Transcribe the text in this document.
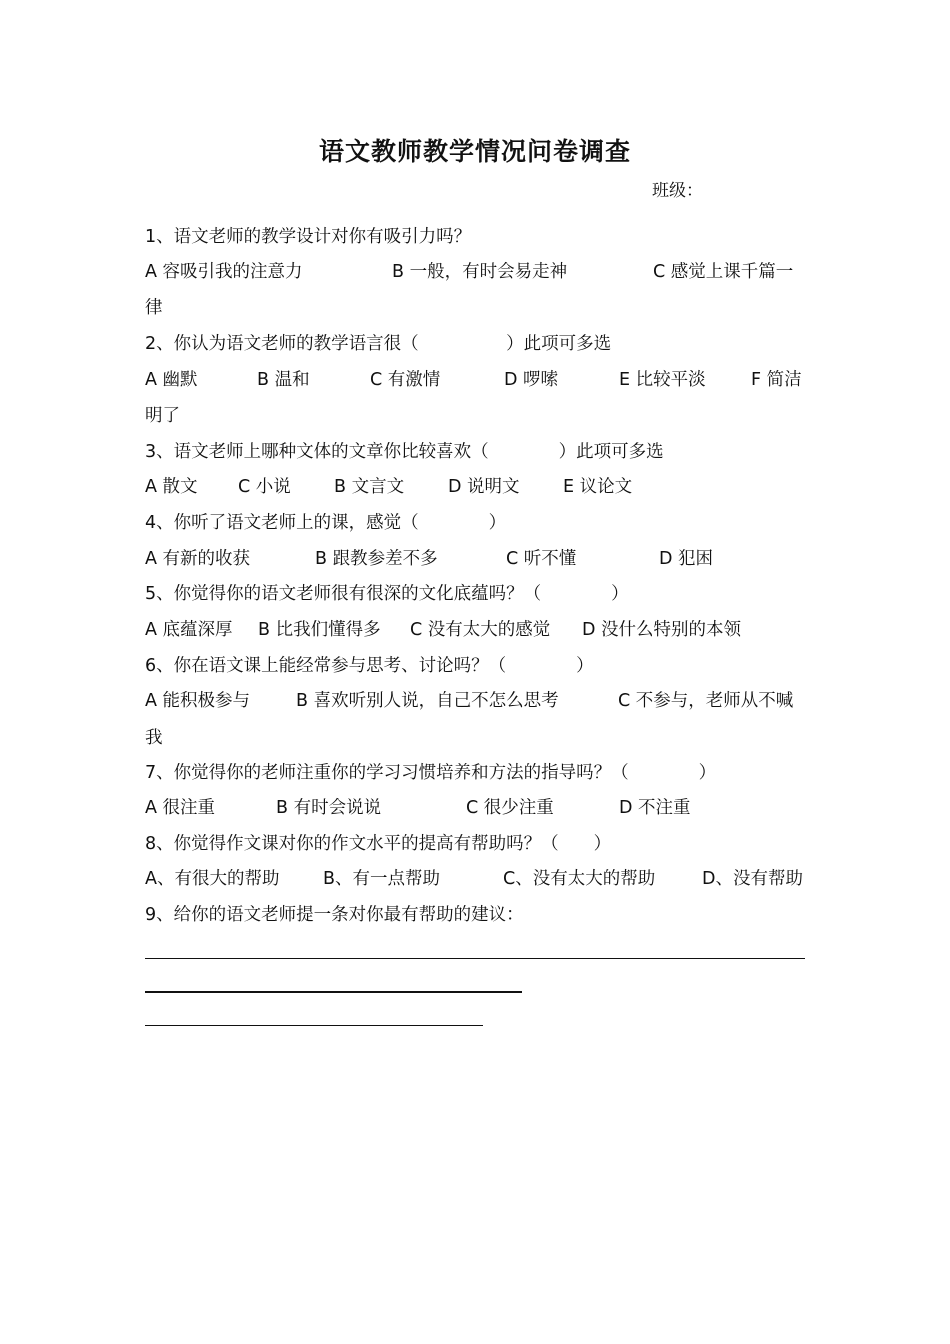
语文教师教学情况问卷调查
班级：
1、语文老师的教学设计对你有吸引力吗？
A 容吸引我的注意力	B 一般，有时会易走神	C 感觉上课千篇一
律
2、你认为语文老师的教学语言很（　　　　　）此项可多选
A 幽默	B 温和	C 有激情	D 啰嗦	E 比较平淡	F 简洁
明了
3、语文老师上哪种文体的文章你比较喜欢（　　　　）此项可多选
A 散文 C 小说 B 文言文	D 说明文 E 议论文
4、你听了语文老师上的课，感觉（　　　　）
A 有新的收获	B 跟教参差不多	C 听不懂	D 犯困
5、你觉得你的语文老师很有很深的文化底蕴吗？（　　　　）
A 底蕴深厚 B 比我们懂得多 C 没有太大的感觉 D 没什么特别的本领
6、你在语文课上能经常参与思考、讨论吗？（　　　　）
A 能积极参与	B 喜欢听别人说，自己不怎么思考	C 不参与，老师从不喊
我
7、你觉得你的老师注重你的学习习惯培养和方法的指导吗？（　　　　）
A 很注重	B 有时会说说	C 很少注重	D 不注重
8、你觉得作文课对你的作文水平的提高有帮助吗？（　　）
A、有很大的帮助 B、有一点帮助	C、没有太大的帮助	D、没有帮助
9、给你的语文老师提一条对你最有帮助的建议：
